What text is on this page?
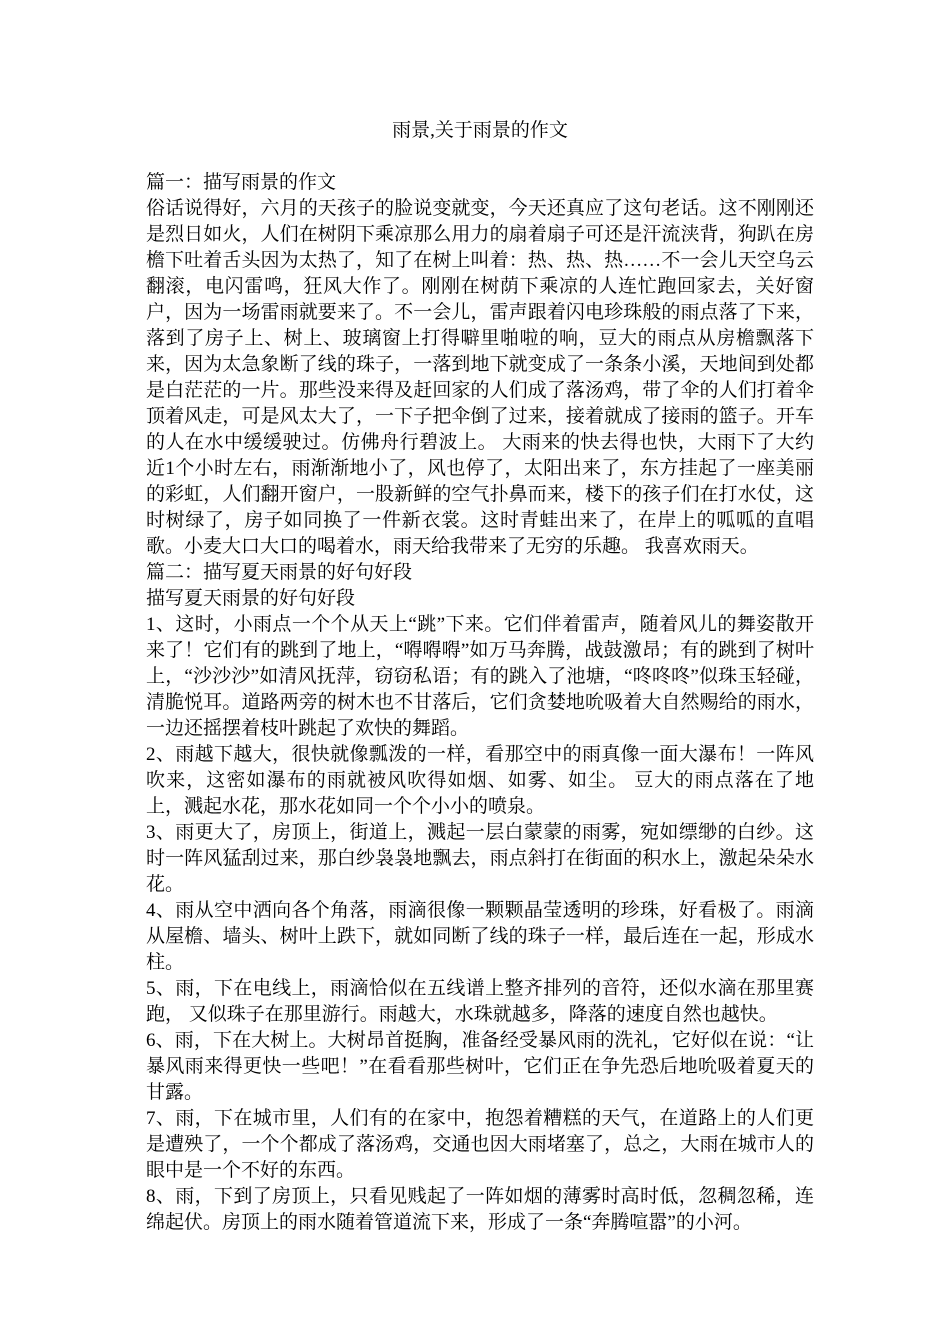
雨景,关于雨景的作文

篇一：描写雨景的作文

俗话说得好，六月的天孩子的脸说变就变，今天还真应了这句老话。这不刚刚还是烈日如火，人们在树阴下乘凉那么用力的扇着扇子可还是汗流浃背，狗趴在房檐下吐着舌头因为太热了，知了在树上叫着：热、热、热……不一会儿天空乌云翻滚，电闪雷鸣，狂风大作了。刚刚在树荫下乘凉的人连忙跑回家去，关好窗户，因为一场雷雨就要来了。不一会儿，雷声跟着闪电珍珠般的雨点落了下来，落到了房子上、树上、玻璃窗上打得噼里啪啦的响，豆大的雨点从房檐飘落下来，因为太急象断了线的珠子，一落到地下就变成了一条条小溪，天地间到处都是白茫茫的一片。那些没来得及赶回家的人们成了落汤鸡，带了伞的人们打着伞顶着风走，可是风太大了，一下子把伞倒了过来，接着就成了接雨的篮子。开车的人在水中缓缓驶过。仿佛舟行碧波上。 大雨来的快去得也快，大雨下了大约近1个小时左右，雨渐渐地小了，风也停了，太阳出来了，东方挂起了一座美丽的彩虹，人们翻开窗户，一股新鲜的空气扑鼻而来，楼下的孩子们在打水仗，这时树绿了，房子如同换了一件新衣裳。这时青蛙出来了，在岸上的呱呱的直唱歌。小麦大口大口的喝着水，雨天给我带来了无穷的乐趣。 我喜欢雨天。

篇二：描写夏天雨景的好句好段

描写夏天雨景的好句好段

1、这时，小雨点一个个从天上“跳”下来。它们伴着雷声，随着风儿的舞姿散开来了！它们有的跳到了地上，“嘚嘚嘚”如万马奔腾，战鼓激昂；有的跳到了树叶上，“沙沙沙”如清风抚萍，窃窃私语；有的跳入了池塘，“咚咚咚”似珠玉轻碰，清脆悦耳。道路两旁的树木也不甘落后，它们贪婪地吮吸着大自然赐给的雨水，一边还摇摆着枝叶跳起了欢快的舞蹈。

2、雨越下越大，很快就像瓢泼的一样，看那空中的雨真像一面大瀑布！一阵风吹来，这密如瀑布的雨就被风吹得如烟、如雾、如尘。 豆大的雨点落在了地上，溅起水花，那水花如同一个个小小的喷泉。

3、雨更大了，房顶上，街道上，溅起一层白蒙蒙的雨雾，宛如缥缈的白纱。这时一阵风猛刮过来，那白纱袅袅地飘去，雨点斜打在街面的积水上，激起朵朵水花。

4、雨从空中洒向各个角落，雨滴很像一颗颗晶莹透明的珍珠，好看极了。雨滴从屋檐、墙头、树叶上跌下，就如同断了线的珠子一样，最后连在一起，形成水柱。

5、雨，下在电线上，雨滴恰似在五线谱上整齐排列的音符，还似水滴在那里赛跑， 又似珠子在那里游行。雨越大，水珠就越多，降落的速度自然也越快。

6、雨，下在大树上。大树昂首挺胸，准备经受暴风雨的洗礼，它好似在说：“让暴风雨来得更快一些吧！”在看看那些树叶，它们正在争先恐后地吮吸着夏天的甘露。

7、雨，下在城市里，人们有的在家中，抱怨着糟糕的天气，在道路上的人们更是遭殃了，一个个都成了落汤鸡，交通也因大雨堵塞了，总之，大雨在城市人的眼中是一个不好的东西。

8、雨，下到了房顶上，只看见贱起了一阵如烟的薄雾时高时低，忽稠忽稀，连绵起伏。房顶上的雨水随着管道流下来，形成了一条“奔腾喧嚣”的小河。
